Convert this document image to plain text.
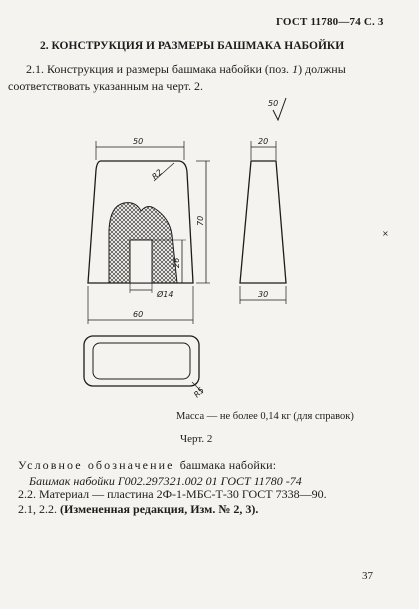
ГОСТ 11780—74 С. 3
2. КОНСТРУКЦИЯ И РАЗМЕРЫ БАШМАКА НАБОЙКИ
2.1. Конструкция и размеры башмака набойки (поз. 1) должны
соответствовать указанным на черт. 2.
50
50
R2
70
26
Ø14
60
20
30
×
R5
Масса — не более 0,14 кг (для справок)
Черт. 2
Условное обозначение башмака набойки:
Башмак набойки Г002.297321.002 01 ГОСТ 11780 -74
2.2. Материал — пластина 2Ф-1-МБС-Т-30 ГОСТ 7338—90.
2.1, 2.2. (Измененная редакция, Изм. № 2, 3).
37
